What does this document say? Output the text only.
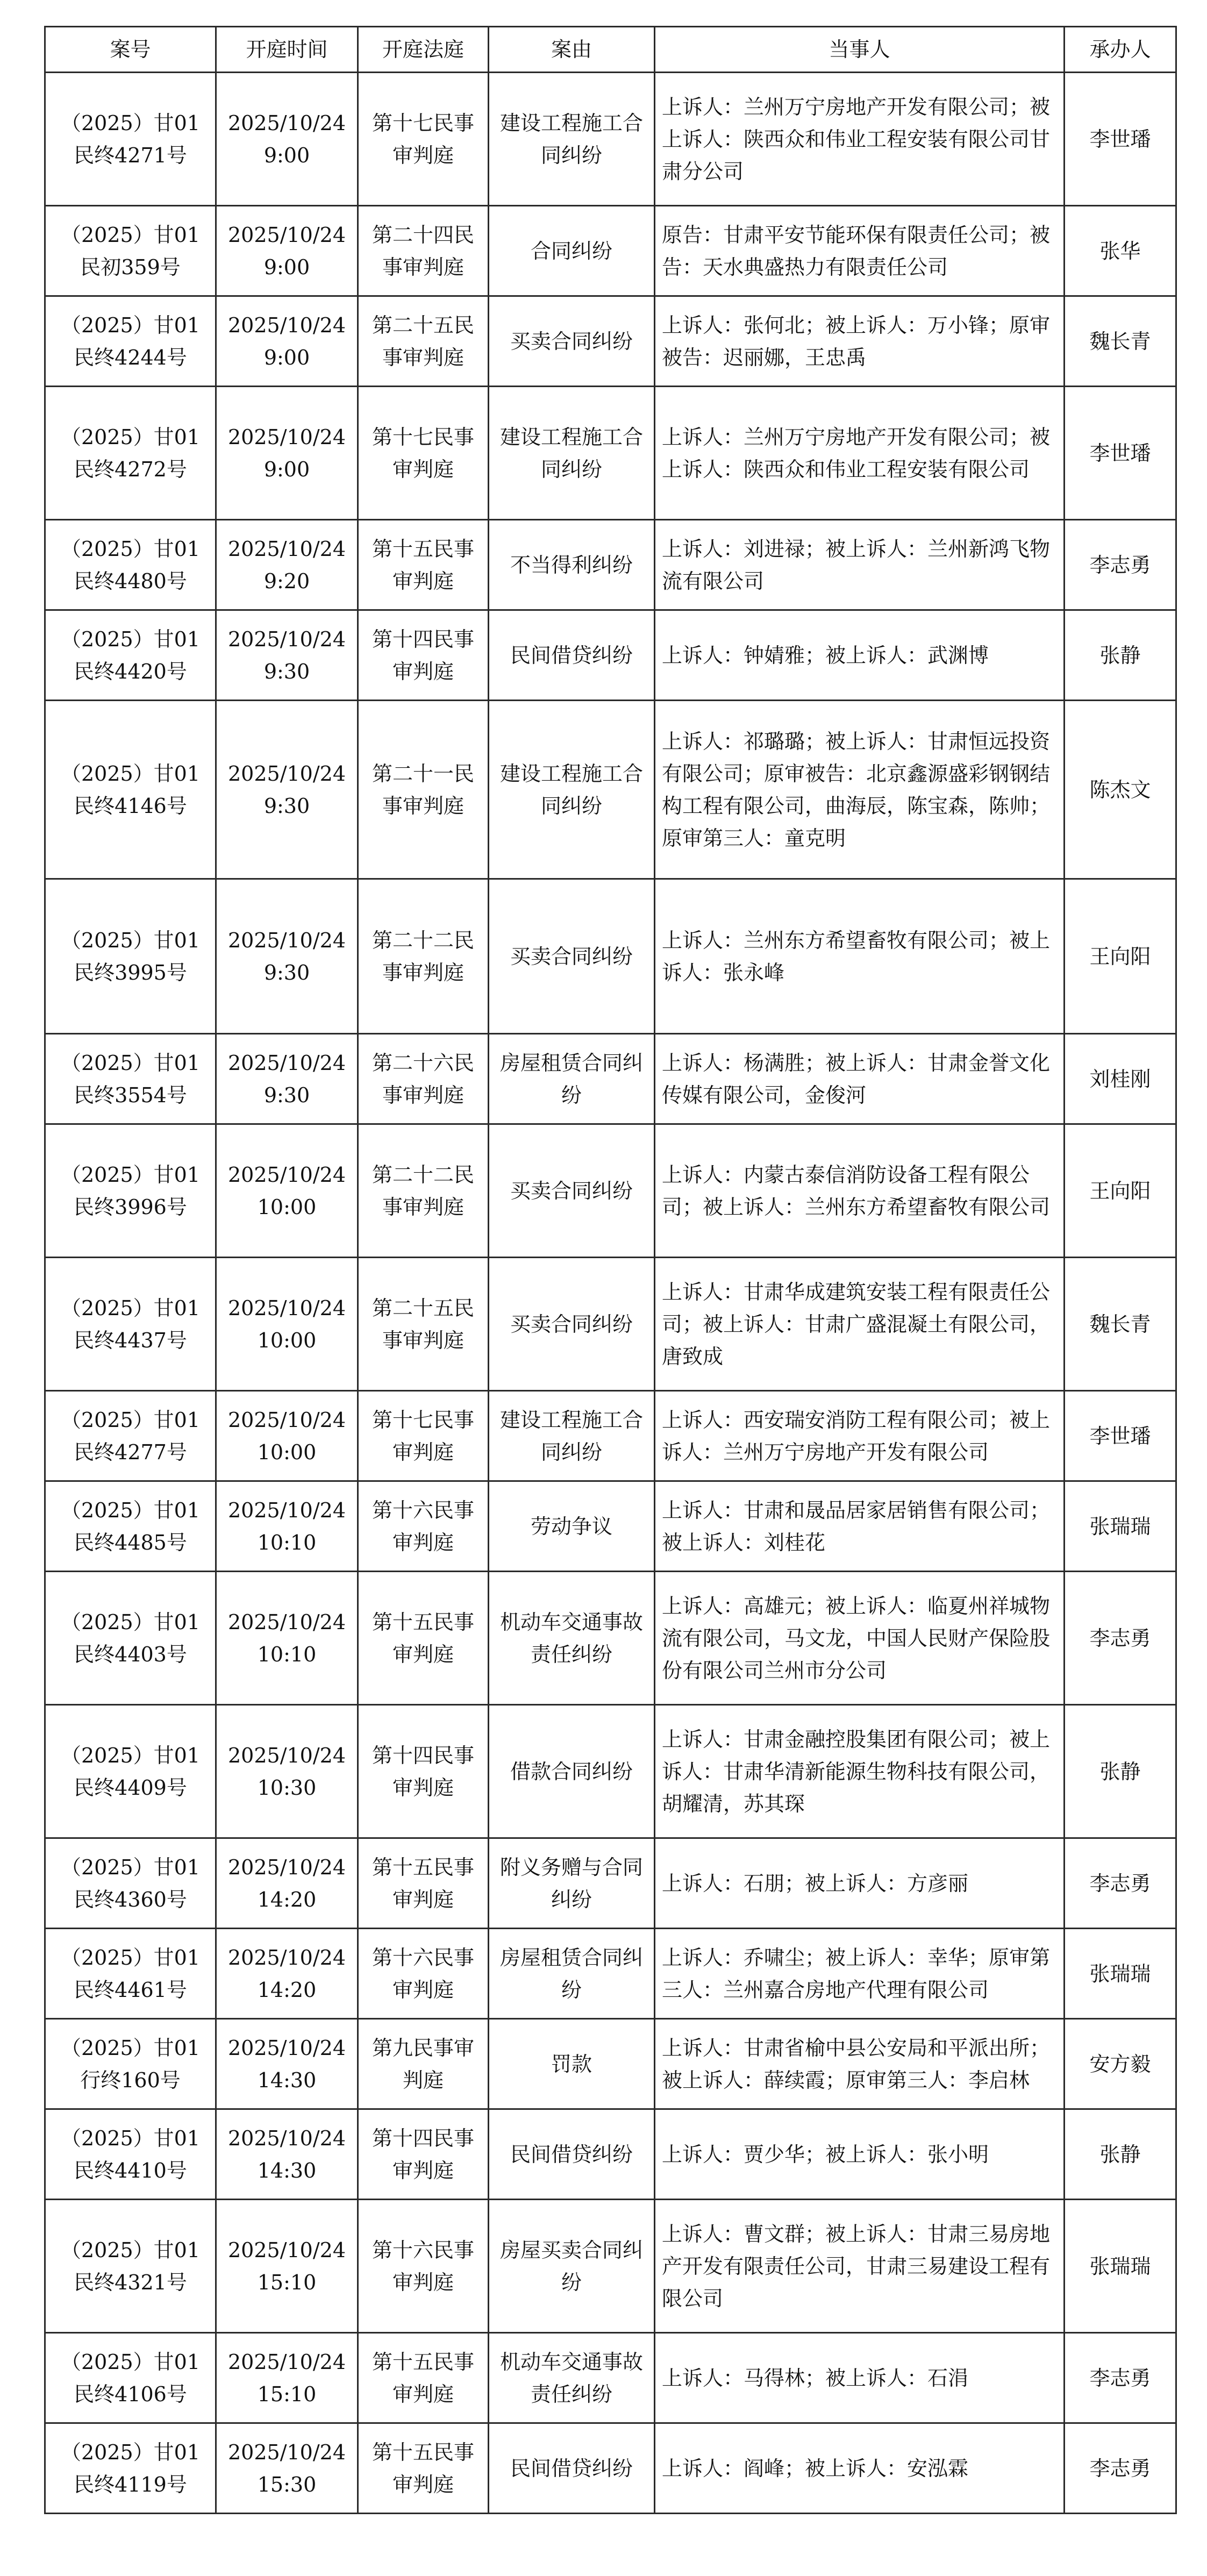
案号	开庭时间	开庭法庭	案由	当事人	承办人
（2025）甘01民终4271号	2025/10/24 9:00	第十七民事审判庭	建设工程施工合同纠纷	上诉人：兰州万宁房地产开发有限公司；被上诉人：陕西众和伟业工程安装有限公司甘肃分公司	李世璠
（2025）甘01民初359号	2025/10/24 9:00	第二十四民事审判庭	合同纠纷	原告：甘肃平安节能环保有限责任公司；被告：天水典盛热力有限责任公司	张华
（2025）甘01民终4244号	2025/10/24 9:00	第二十五民事审判庭	买卖合同纠纷	上诉人：张何北；被上诉人：万小锋；原审被告：迟丽娜，王忠禹	魏长青
（2025）甘01民终4272号	2025/10/24 9:00	第十七民事审判庭	建设工程施工合同纠纷	上诉人：兰州万宁房地产开发有限公司；被上诉人：陕西众和伟业工程安装有限公司	李世璠
（2025）甘01民终4480号	2025/10/24 9:20	第十五民事审判庭	不当得利纠纷	上诉人：刘进禄；被上诉人：兰州新鸿飞物流有限公司	李志勇
（2025）甘01民终4420号	2025/10/24 9:30	第十四民事审判庭	民间借贷纠纷	上诉人：钟婧雅；被上诉人：武渊博	张静
（2025）甘01民终4146号	2025/10/24 9:30	第二十一民事审判庭	建设工程施工合同纠纷	上诉人：祁璐璐；被上诉人：甘肃恒远投资有限公司；原审被告：北京鑫源盛彩钢钢结构工程有限公司，曲海辰，陈宝森，陈帅；原审第三人：童克明	陈杰文
（2025）甘01民终3995号	2025/10/24 9:30	第二十二民事审判庭	买卖合同纠纷	上诉人：兰州东方希望畜牧有限公司；被上诉人：张永峰	王向阳
（2025）甘01民终3554号	2025/10/24 9:30	第二十六民事审判庭	房屋租赁合同纠纷	上诉人：杨满胜；被上诉人：甘肃金誉文化传媒有限公司，金俊河	刘桂刚
（2025）甘01民终3996号	2025/10/24 10:00	第二十二民事审判庭	买卖合同纠纷	上诉人：内蒙古泰信消防设备工程有限公司；被上诉人：兰州东方希望畜牧有限公司	王向阳
（2025）甘01民终4437号	2025/10/24 10:00	第二十五民事审判庭	买卖合同纠纷	上诉人：甘肃华成建筑安装工程有限责任公司；被上诉人：甘肃广盛混凝土有限公司，唐致成	魏长青
（2025）甘01民终4277号	2025/10/24 10:00	第十七民事审判庭	建设工程施工合同纠纷	上诉人：西安瑞安消防工程有限公司；被上诉人：兰州万宁房地产开发有限公司	李世璠
（2025）甘01民终4485号	2025/10/24 10:10	第十六民事审判庭	劳动争议	上诉人：甘肃和晟品居家居销售有限公司；被上诉人：刘桂花	张瑞瑞
（2025）甘01民终4403号	2025/10/24 10:10	第十五民事审判庭	机动车交通事故责任纠纷	上诉人：高雄元；被上诉人：临夏州祥城物流有限公司，马文龙，中国人民财产保险股份有限公司兰州市分公司	李志勇
（2025）甘01民终4409号	2025/10/24 10:30	第十四民事审判庭	借款合同纠纷	上诉人：甘肃金融控股集团有限公司；被上诉人：甘肃华清新能源生物科技有限公司，胡耀清，苏其琛	张静
（2025）甘01民终4360号	2025/10/24 14:20	第十五民事审判庭	附义务赠与合同纠纷	上诉人：石朋；被上诉人：方彦丽	李志勇
（2025）甘01民终4461号	2025/10/24 14:20	第十六民事审判庭	房屋租赁合同纠纷	上诉人：乔啸尘；被上诉人：幸华；原审第三人：兰州嘉合房地产代理有限公司	张瑞瑞
（2025）甘01行终160号	2025/10/24 14:30	第九民事审判庭	罚款	上诉人：甘肃省榆中县公安局和平派出所；被上诉人：薛续霞；原审第三人：李启林	安方毅
（2025）甘01民终4410号	2025/10/24 14:30	第十四民事审判庭	民间借贷纠纷	上诉人：贾少华；被上诉人：张小明	张静
（2025）甘01民终4321号	2025/10/24 15:10	第十六民事审判庭	房屋买卖合同纠纷	上诉人：曹文群；被上诉人：甘肃三易房地产开发有限责任公司，甘肃三易建设工程有限公司	张瑞瑞
（2025）甘01民终4106号	2025/10/24 15:10	第十五民事审判庭	机动车交通事故责任纠纷	上诉人：马得林；被上诉人：石涓	李志勇
（2025）甘01民终4119号	2025/10/24 15:30	第十五民事审判庭	民间借贷纠纷	上诉人：阎峰；被上诉人：安泓霖	李志勇
